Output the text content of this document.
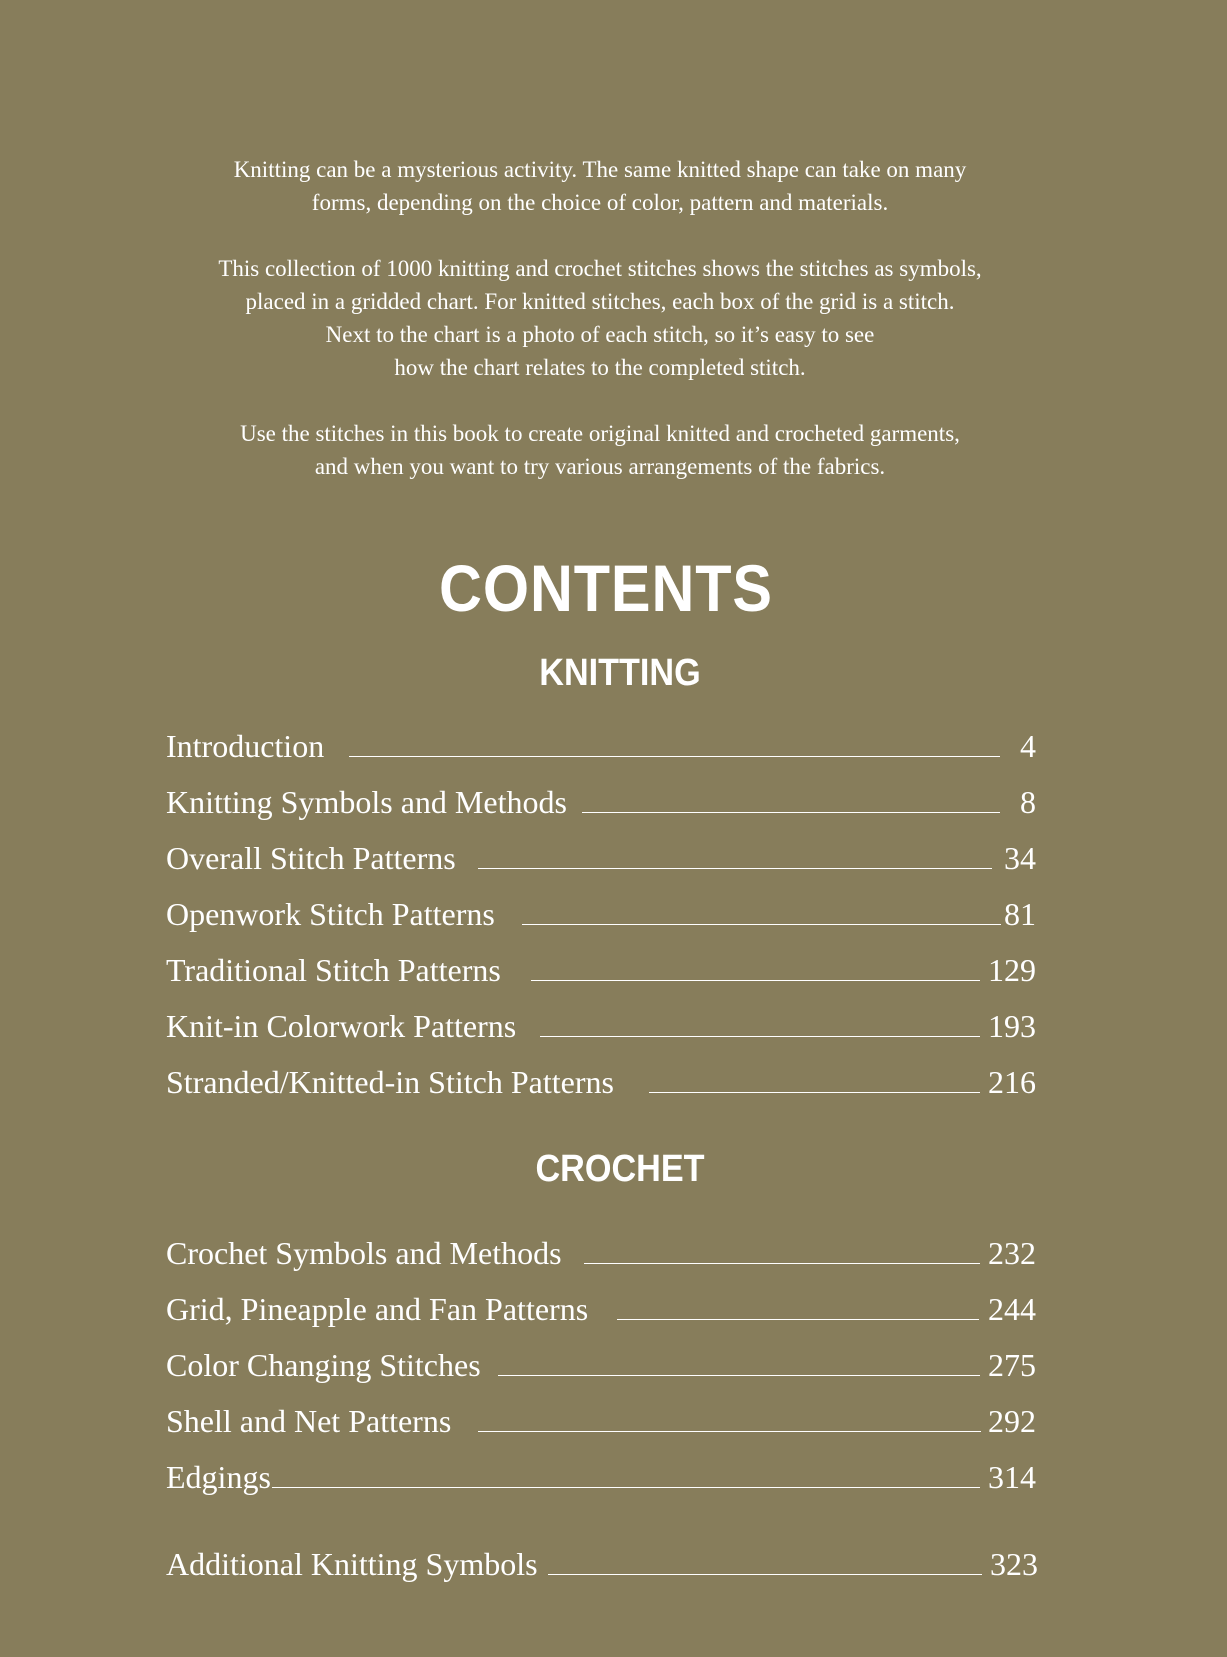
Knitting can be a mysterious activity. The same knitted shape can take on many
forms, depending on the choice of color, pattern and materials.

This collection of 1000 knitting and crochet stitches shows the stitches as symbols,
placed in a gridded chart. For knitted stitches, each box of the grid is a stitch.
Next to the chart is a photo of each stitch, so it’s easy to see
how the chart relates to the completed stitch.

Use the stitches in this book to create original knitted and crocheted garments,
and when you want to try various arrangements of the fabrics.

CONTENTS
KNITTING
Introduction	4
Knitting Symbols and Methods	8
Overall Stitch Patterns	34
Openwork Stitch Patterns	81
Traditional Stitch Patterns	129
Knit-in Colorwork Patterns	193
Stranded/Knitted-in Stitch Patterns	216
CROCHET
Crochet Symbols and Methods	232
Grid, Pineapple and Fan Patterns	244
Color Changing Stitches	275
Shell and Net Patterns	292
Edgings	314
Additional Knitting Symbols	323
